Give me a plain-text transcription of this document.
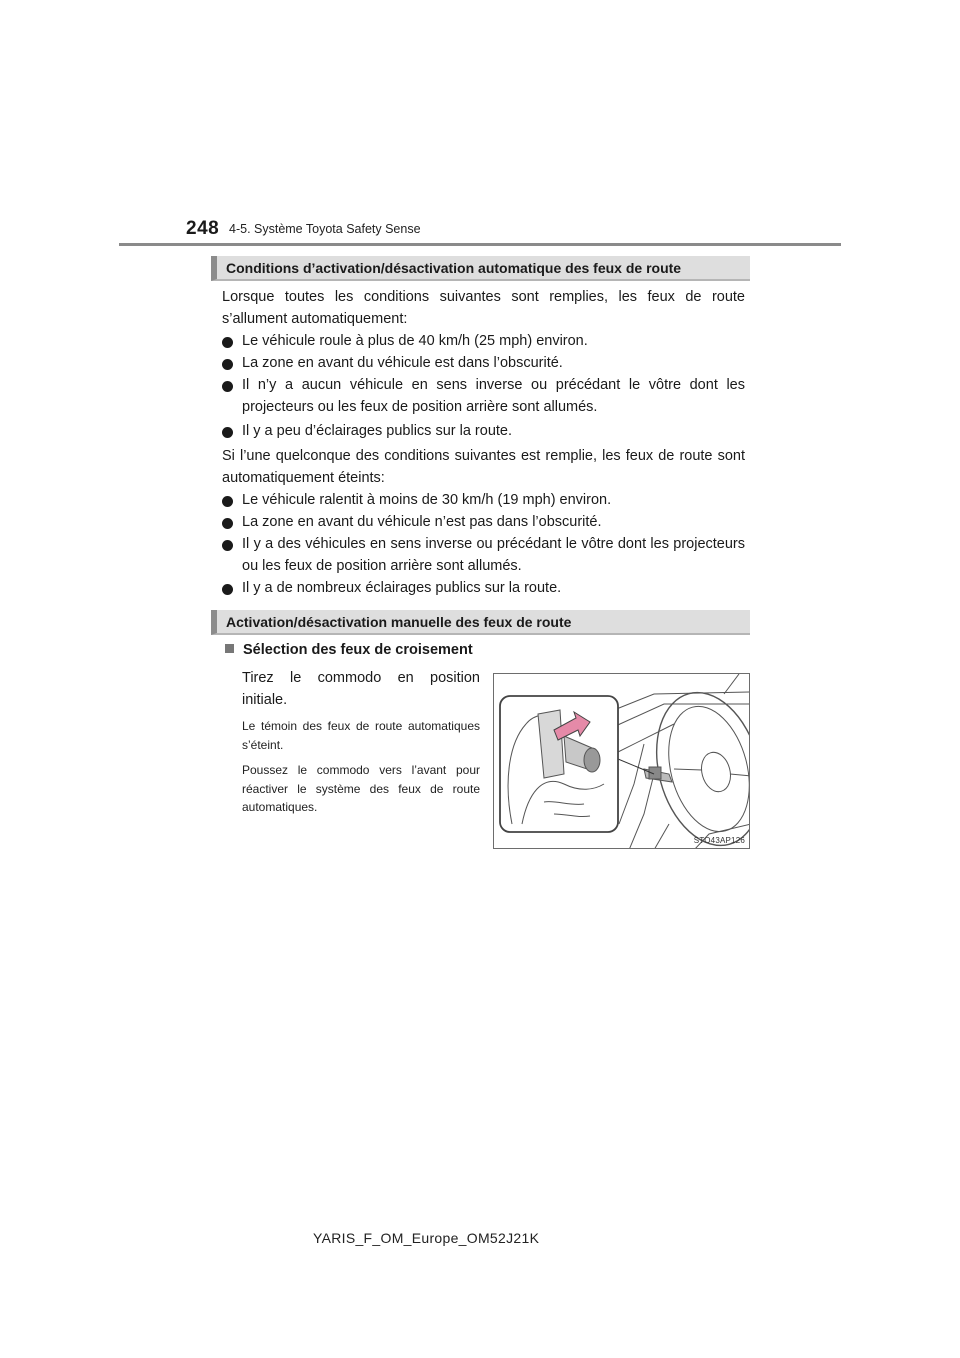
248 4-5. Système Toyota Safety Sense
Conditions d’activation/désactivation automatique des feux de route
Lorsque toutes les conditions suivantes sont remplies, les feux de route s’allument automatiquement:
Le véhicule roule à plus de 40 km/h (25 mph) environ.
La zone en avant du véhicule est dans l’obscurité.
Il n’y a aucun véhicule en sens inverse ou précédant le vôtre dont les projecteurs ou les feux de position arrière sont allumés.
Il y a peu d’éclairages publics sur la route.
Si l’une quelconque des conditions suivantes est remplie, les feux de route sont automatiquement éteints:
Le véhicule ralentit à moins de 30 km/h (19 mph) environ.
La zone en avant du véhicule n’est pas dans l’obscurité.
Il y a des véhicules en sens inverse ou précédant le vôtre dont les projecteurs ou les feux de position arrière sont allumés.
Il y a de nombreux éclairages publics sur la route.
Activation/désactivation manuelle des feux de route
Sélection des feux de croisement
Tirez le commodo en position initiale.
Le témoin des feux de route automatiques s’éteint.
Poussez le commodo vers l’avant pour réactiver le système des feux de route automatiques.
STO43AP126
YARIS_F_OM_Europe_OM52J21K
